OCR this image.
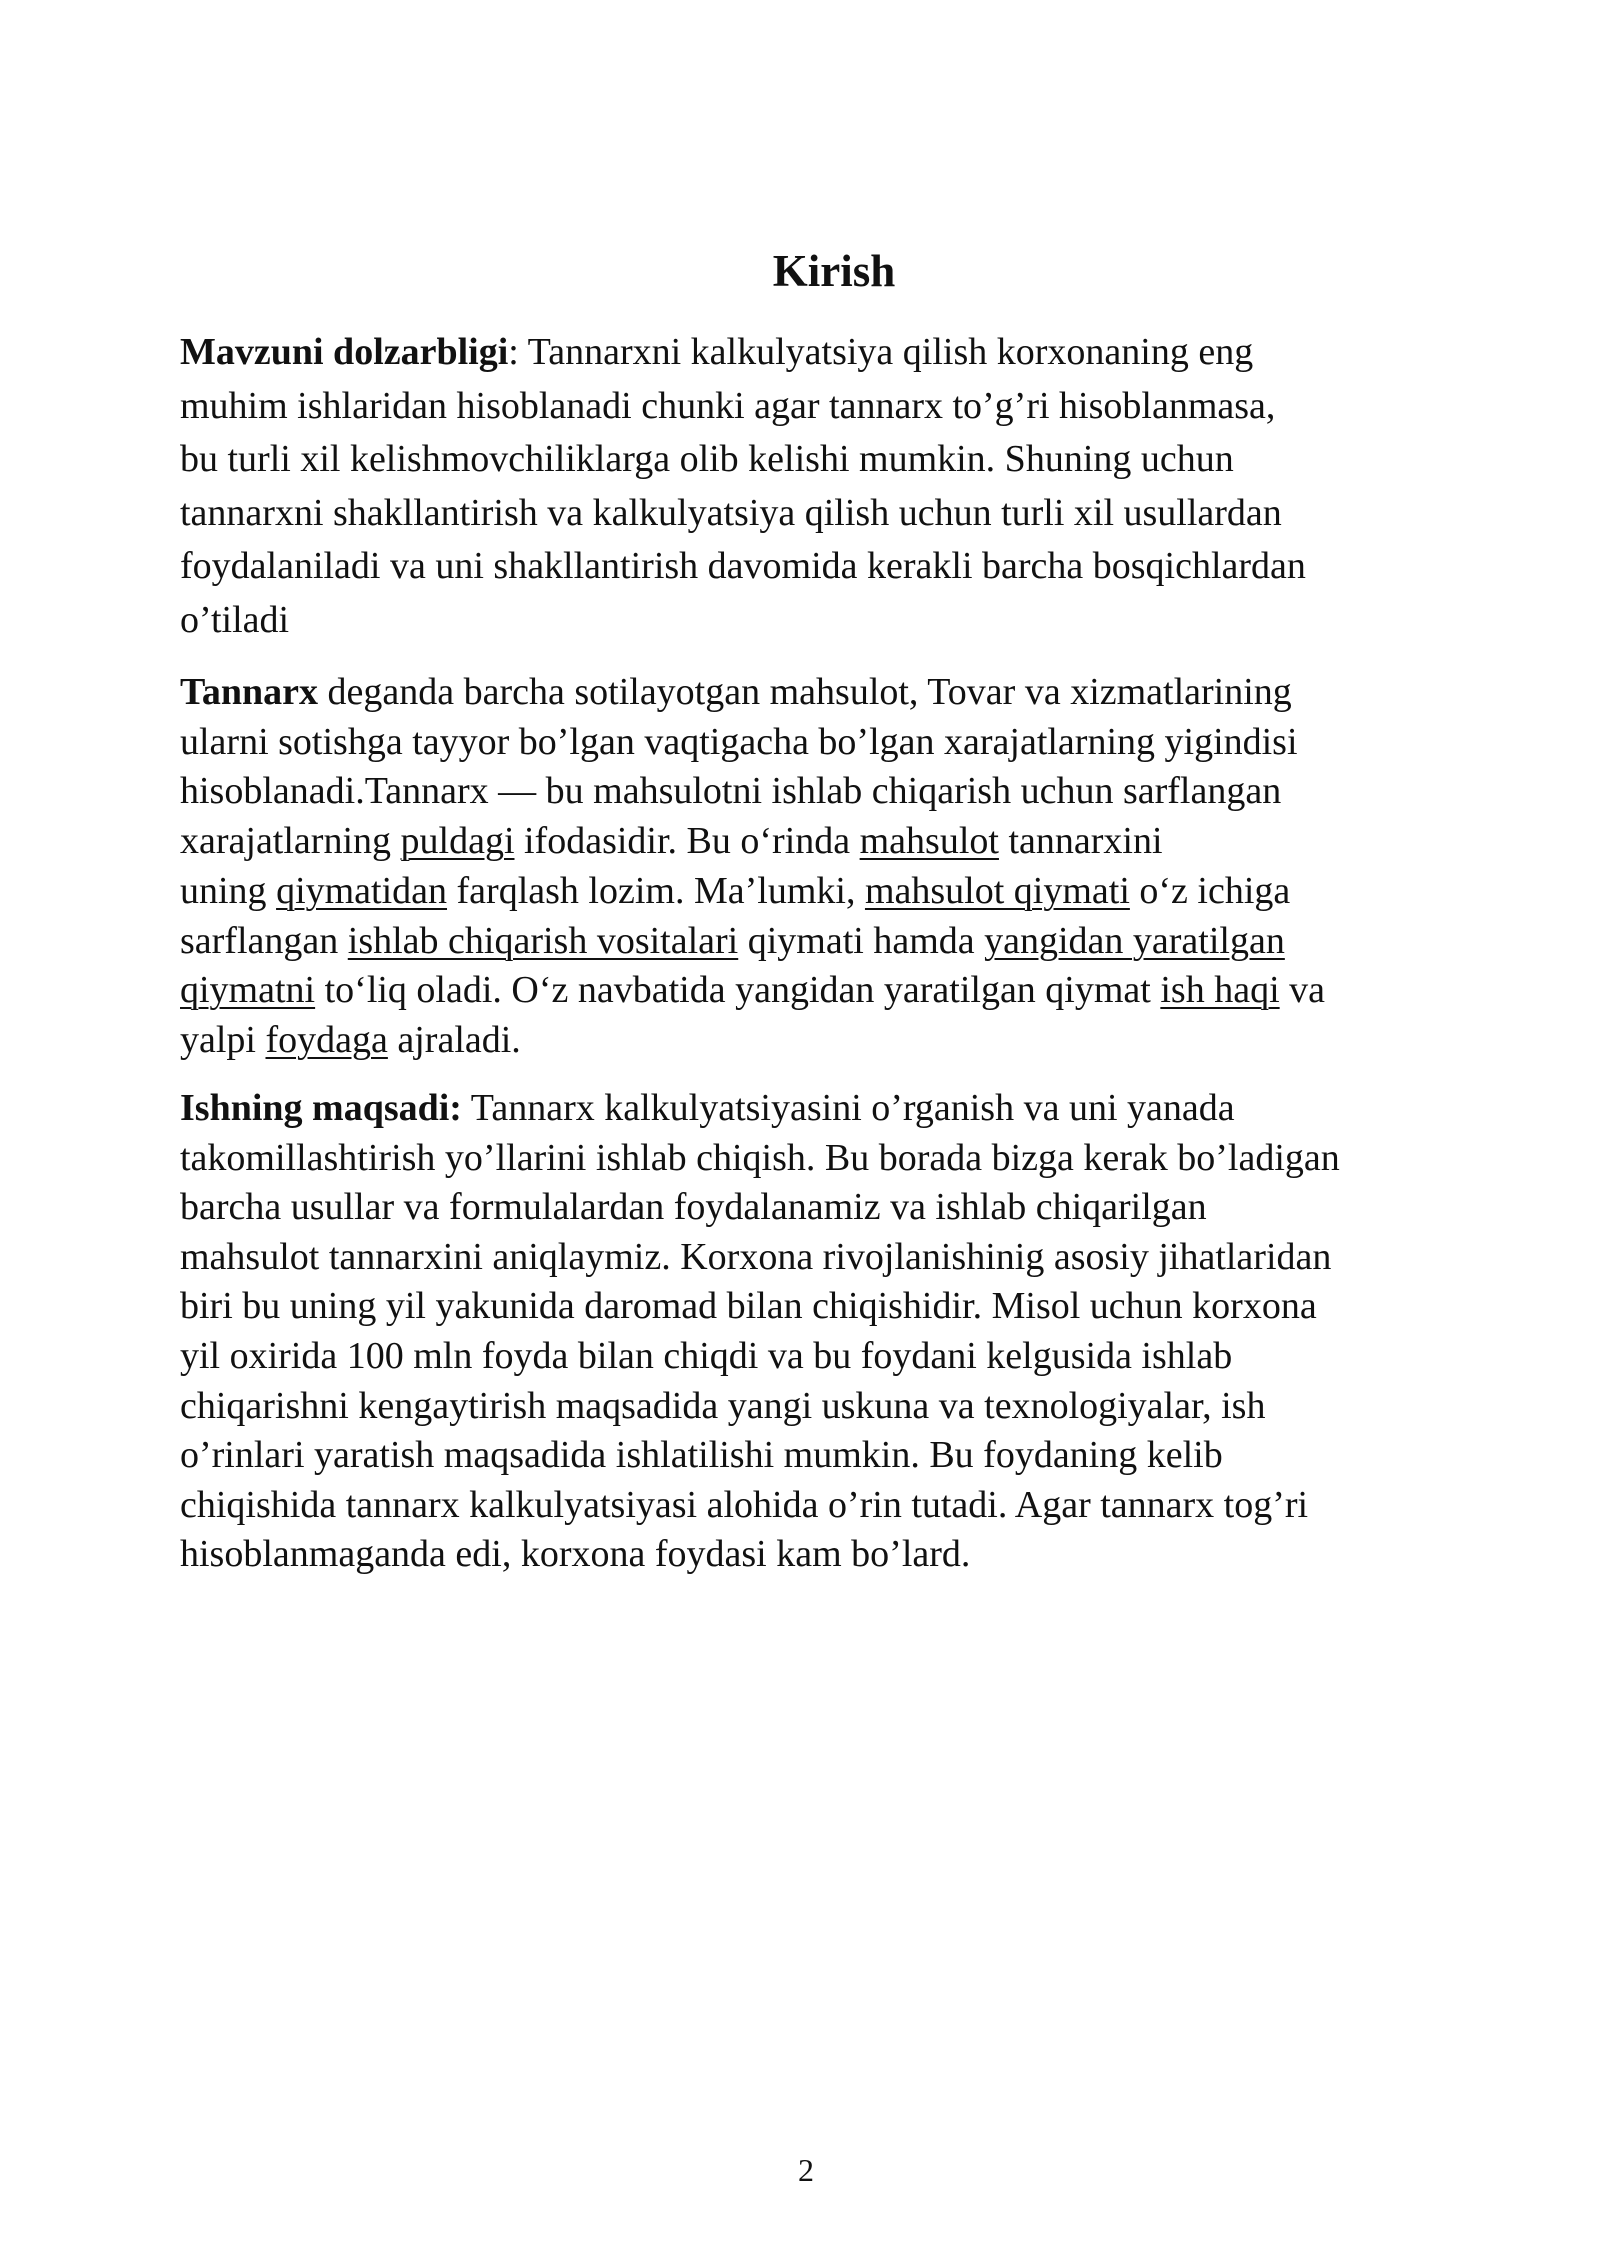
Kirish

Mavzuni dolzarbligi: Tannarxni kalkulyatsiya qilish korxonaning eng
muhim ishlaridan hisoblanadi chunki agar tannarx to’g’ri hisoblanmasa,
bu turli xil kelishmovchiliklarga olib kelishi mumkin. Shuning uchun
tannarxni shakllantirish va kalkulyatsiya qilish uchun turli xil usullardan
foydalaniladi va uni shakllantirish davomida kerakli barcha bosqichlardan
o’tiladi

Tannarx deganda barcha sotilayotgan mahsulot, Tovar va xizmatlarining
ularni sotishga tayyor bo’lgan vaqtigacha bo’lgan xarajatlarning yigindisi
hisoblanadi.Tannarx — bu mahsulotni ishlab chiqarish uchun sarflangan
xarajatlarning puldagi ifodasidir. Bu o‘rinda mahsulot tannarxini
uning qiymatidan farqlash lozim. Ma’lumki, mahsulot qiymati o‘z ichiga
sarflangan ishlab chiqarish vositalari qiymati hamda yangidan yaratilgan
qiymatni to‘liq oladi. O‘z navbatida yangidan yaratilgan qiymat ish haqi va
yalpi foydaga ajraladi.

Ishning maqsadi: Tannarx kalkulyatsiyasini o’rganish va uni yanada
takomillashtirish yo’llarini ishlab chiqish. Bu borada bizga kerak bo’ladigan
barcha usullar va formulalardan foydalanamiz va ishlab chiqarilgan
mahsulot tannarxini aniqlaymiz. Korxona rivojlanishinig asosiy jihatlaridan
biri bu uning yil yakunida daromad bilan chiqishidir. Misol uchun korxona
yil oxirida 100 mln foyda bilan chiqdi va bu foydani kelgusida ishlab
chiqarishni kengaytirish maqsadida yangi uskuna va texnologiyalar, ish
o’rinlari yaratish maqsadida ishlatilishi mumkin. Bu foydaning kelib
chiqishida tannarx kalkulyatsiyasi alohida o’rin tutadi. Agar tannarx tog’ri
hisoblanmaganda edi, korxona foydasi kam bo’lard.

2
